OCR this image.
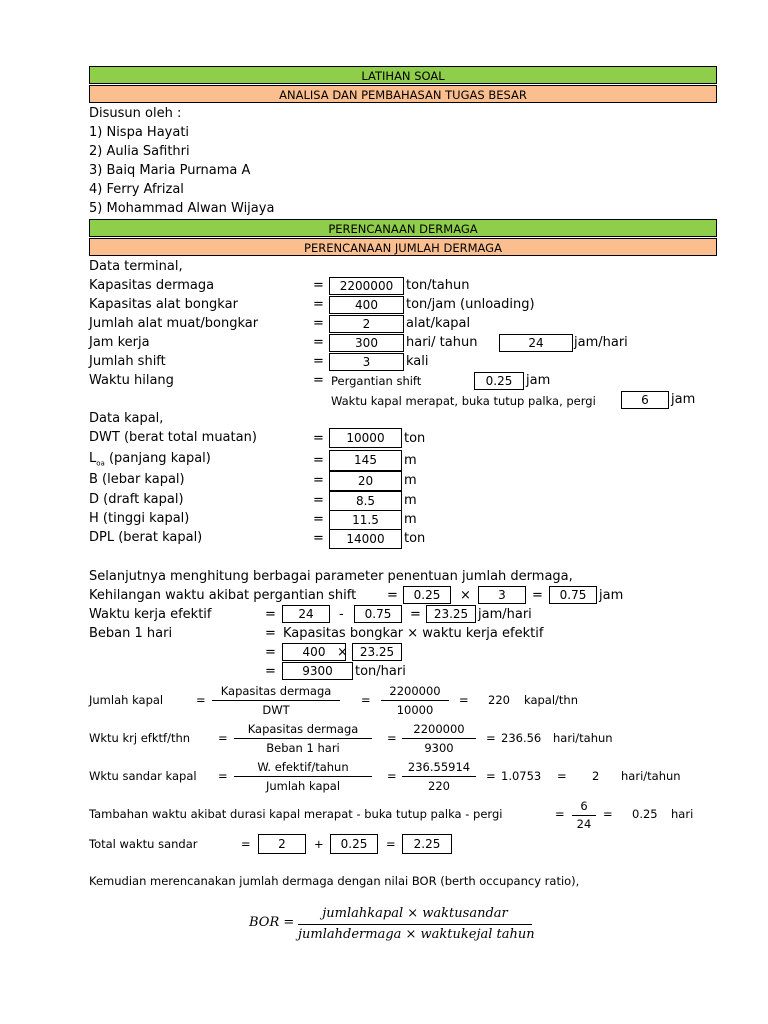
LATIHAN SOAL
ANALISA DAN PEMBAHASAN TUGAS BESAR
Disusun oleh :
1) Nispa Hayati
2) Aulia Safithri
3) Baiq Maria Purnama A
4) Ferry Afrizal
5) Mohammad Alwan Wijaya
PERENCANAAN DERMAGA
PERENCANAAN JUMLAH DERMAGA
Data terminal,
Kapasitas dermaga	=	2200000 ton/tahun
Kapasitas alat bongkar	=	400	ton/jam (unloading)
Jumlah alat muat/bongkar	=	2	alat/kapal
Jam kerja	=	300	hari/ tahun	24	jam/hari
Jumlah shift	=	3	kali
Waktu hilang	= Pergantian shift	0.25	jam
Waktu kapal merapat, buka tutup palka, pergi	6	jam
Data kapal,
DWT (berat total muatan)	=	10000	ton
$L_{oa}$ (panjang kapal)	=	145	m
B (lebar kapal)	=	20	m
D (draft kapal)	=	8.5	m
H (tinggi kapal)	=	11.5	m
DPL (berat kapal)	=	14000	ton
Selanjutnya menghitung berbagai parameter penentuan jumlah dermaga,
Kehilangan waktu akibat pergantian shift =	0.25	×	3	=	0.75 jam
Waktu kerja efektif	=	24	-	0.75	=	23.25 jam/hari
Beban 1 hari	= Kapasitas bongkar × waktu kerja efektif
=	400 × 23.25
=	9300	ton/hari
Jumlah kapal	=
Kapasitas dermaga
DWT
=
2200000
10000
= 220 kapal/thn
Wktu krj efktf/thn =
Kapasitas dermaga
Beban 1 hari
=
2200000
9300
= 236.56 hari/tahun
Wktu sandar kapal =
W. efektif/tahun
Jumlah kapal
=
236.55914
220
= 1.0753 = 2 hari/tahun
Tambahan waktu akibat durasi kapal merapat - buka tutup palka - pergi	=
6
24
= 0.25 hari
Total waktu sandar	=	2	+	0.25	=	2.25
Kemudian merencanakan jumlah dermaga dengan nilai BOR (berth occupancy ratio),
BOR =
jumlahkapal × waktusandar
jumlahdermaga × waktukejal tahun
